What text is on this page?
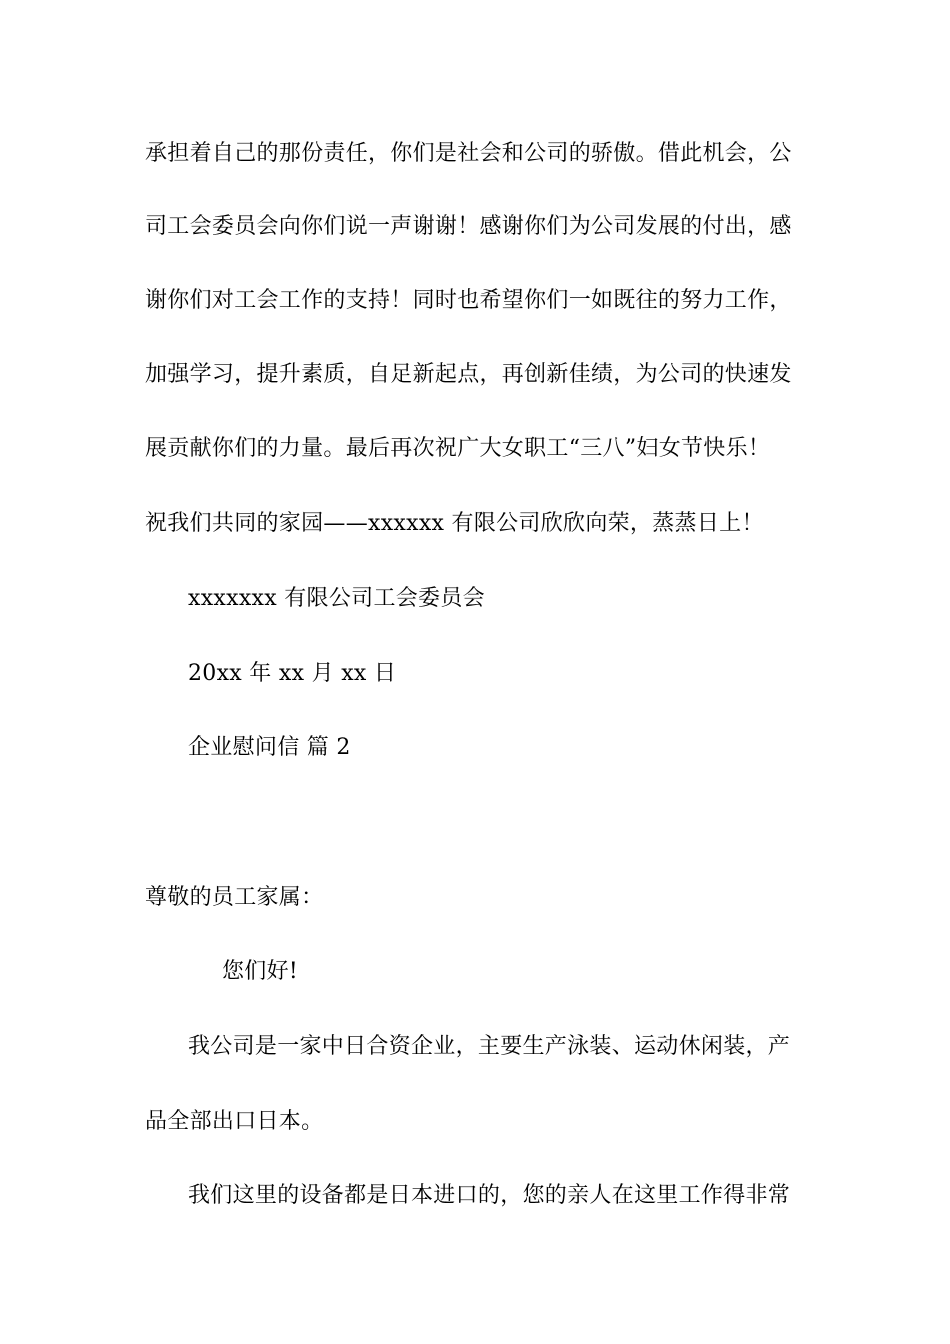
承担着自己的那份责任，你们是社会和公司的骄傲。借此机会，公
司工会委员会向你们说一声谢谢！感谢你们为公司发展的付出，感
谢你们对工会工作的支持！同时也希望你们一如既往的努力工作，
加强学习，提升素质，自足新起点，再创新佳绩，为公司的快速发
展贡献你们的力量。最后再次祝广大女职工“三八”妇女节快乐！
祝我们共同的家园——xxxxxx 有限公司欣欣向荣，蒸蒸日上！
xxxxxxx 有限公司工会委员会
20xx 年 xx 月 xx 日
企业慰问信 篇 2
尊敬的员工家属：
您们好!
我公司是一家中日合资企业，主要生产泳装、运动休闲装，产
品全部出口日本。
我们这里的设备都是日本进口的，您的亲人在这里工作得非常
